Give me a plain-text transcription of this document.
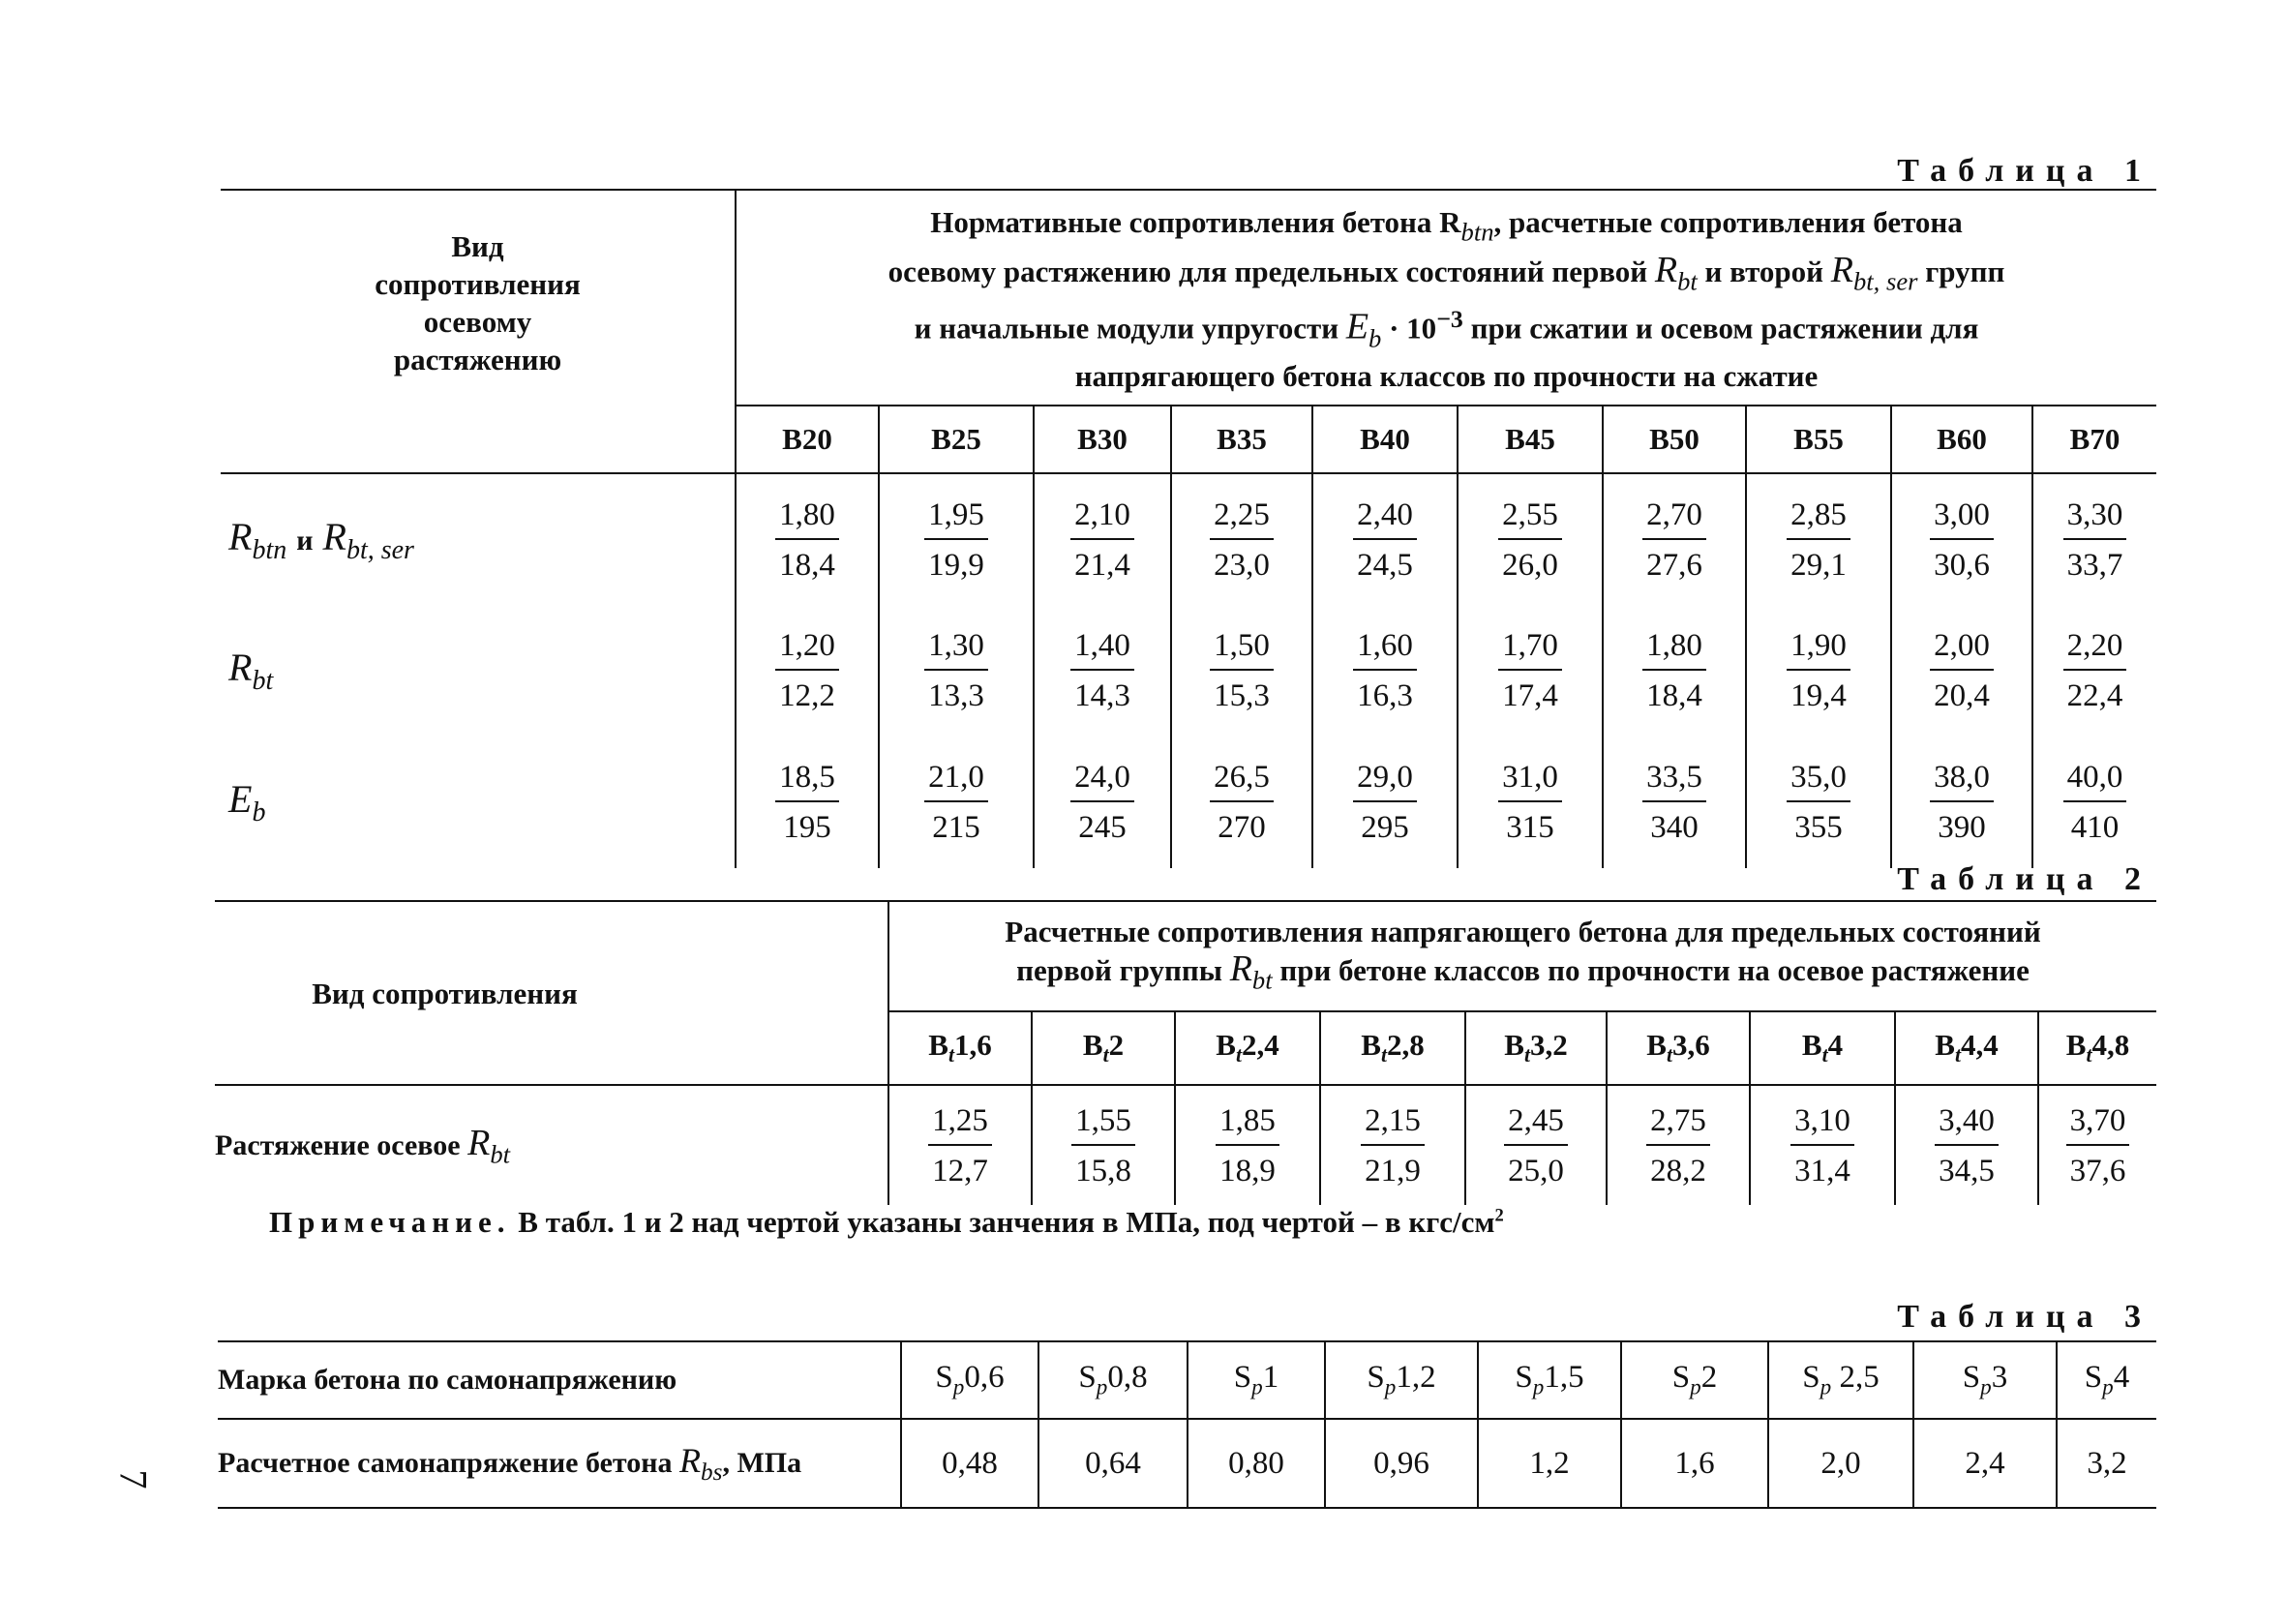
Таблица 1
Вид сопротивления осевому растяжению	Нормативные сопротивления бетона $R_{btn}$, расчетные сопротивления бетона
осевому растяжению для предельных состояний первой $R_{bt}$ и второй $R_{bt, ser}$ групп
и начальные модули упругости $E_b \cdot 10^{-3}$ при сжатии и осевом растяжении для
напрягающего бетона классов по прочности на сжатие									

	B20	B25	B30	B35	B40	B45	B50	B55	B60	B70
$R_{btn}$ и $R_{bt, ser}$	$\frac{1,80}{18,4}$	$\frac{1,95}{19,9}$	$\frac{2,10}{21,4}$	$\frac{2,25}{23,0}$	$\frac{2,40}{24,5}$	$\frac{2,55}{26,0}$	$\frac{2,70}{27,6}$	$\frac{2,85}{29,1}$	$\frac{3,00}{30,6}$	$\frac{3,30}{33,7}$

$R_{bt}$	$\frac{1,20}{12,2}$	$\frac{1,30}{13,3}$	$\frac{1,40}{14,3}$	$\frac{1,50}{15,3}$	$\frac{1,60}{16,3}$	$\frac{1,70}{17,4}$	$\frac{1,80}{18,4}$	$\frac{1,90}{19,4}$	$\frac{2,00}{20,4}$	$\frac{2,20}{22,4}$

$E_b$	$\frac{18,5}{195}$	$\frac{21,0}{215}$	$\frac{24,0}{245}$	$\frac{26,5}{270}$	$\frac{29,0}{295}$	$\frac{31,0}{315}$	$\frac{33,5}{340}$	$\frac{35,0}{355}$	$\frac{38,0}{390}$	$\frac{40,0}{410}$
Таблица 2
Вид сопротивления	Расчетные сопротивления напрягающего бетона для предельных состояний
первой группы $R_{bt}$ при бетоне классов по прочности на осевое растяжение								

	$B_t1,6$	$B_t2$	$B_t2,4$	$B_t2,8$	$B_t3,2$	$B_t3,6$	$B_t4$	$B_t4,4$	$B_t4,8$
Растяжение осевое $R_{bt}$	$\frac{1,25}{12,7}$	$\frac{1,55}{15,8}$	$\frac{1,85}{18,9}$	$\frac{2,15}{21,9}$	$\frac{2,45}{25,0}$	$\frac{2,75}{28,2}$	$\frac{3,10}{31,4}$	$\frac{3,40}{34,5}$	$\frac{3,70}{37,6}$
Примечание. В табл. 1 и 2 над чертой указаны занчения в МПа, под чертой – в кгс/$см^2$
Таблица 3
Марка бетона по самонапряжению	$S_p0,6$	$S_p0,8$	$S_p1$	$S_p1,2$	$S_p1,5$	$S_p2$	$S_p$ 2,5	$S_p3$	$S_p4$
Расчетное самонапряжение бетона $R_{bs}$, МПа	0,48	0,64	0,80	0,96	1,2	1,6	2,0	2,4	3,2
7
